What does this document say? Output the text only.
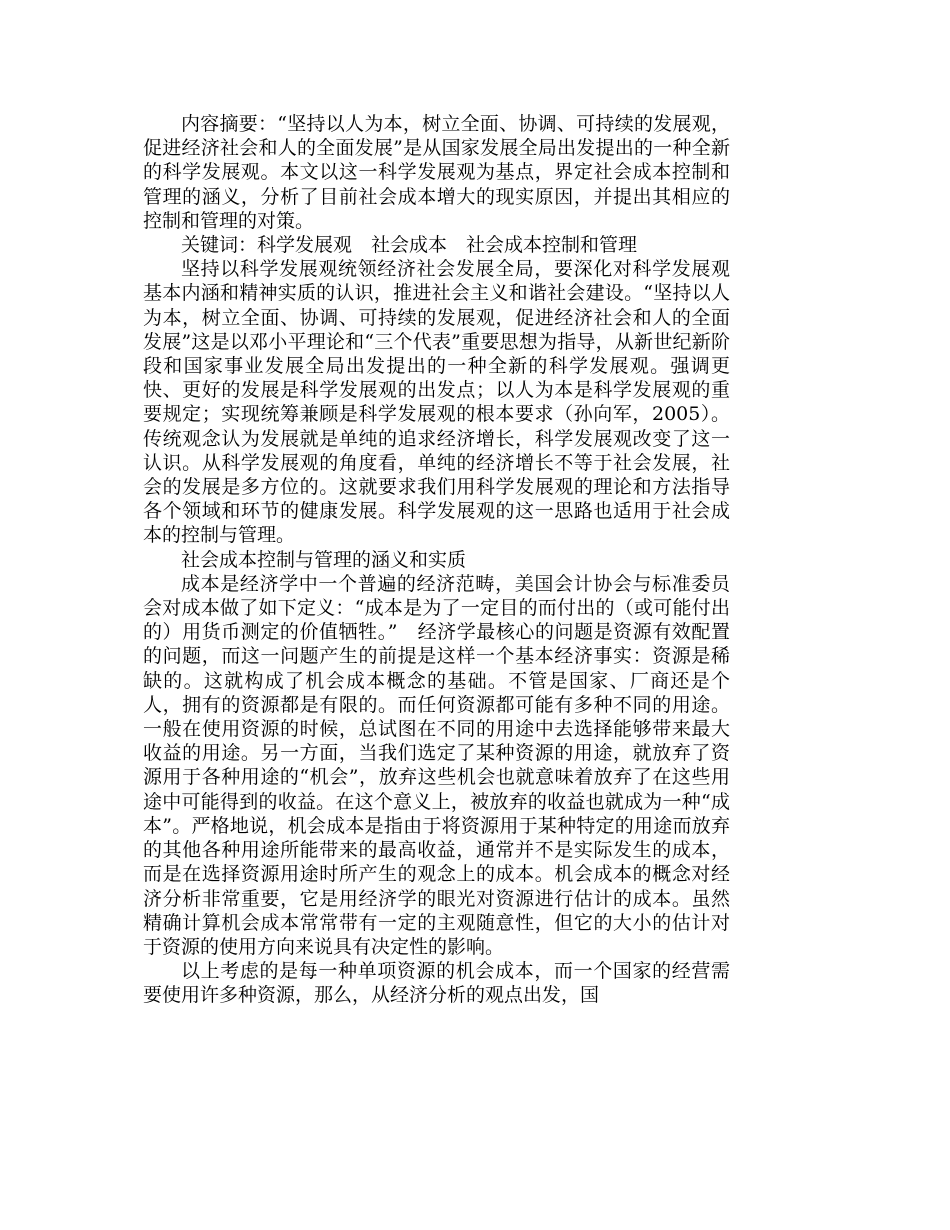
内容摘要：“坚持以人为本，树立全面、协调、可持续的发展观，促进经济社会和人的全面发展”是从国家发展全局出发提出的一种全新的科学发展观。本文以这一科学发展观为基点，界定社会成本控制和管理的涵义，分析了目前社会成本增大的现实原因，并提出其相应的控制和管理的对策。

关键词：科学发展观　社会成本　社会成本控制和管理

坚持以科学发展观统领经济社会发展全局，要深化对科学发展观基本内涵和精神实质的认识，推进社会主义和谐社会建设。“坚持以人为本，树立全面、协调、可持续的发展观，促进经济社会和人的全面发展”这是以邓小平理论和“三个代表”重要思想为指导，从新世纪新阶段和国家事业发展全局出发提出的一种全新的科学发展观。强调更快、更好的发展是科学发展观的出发点；以人为本是科学发展观的重要规定；实现统筹兼顾是科学发展观的根本要求（孙向军，2005）。传统观念认为发展就是单纯的追求经济增长，科学发展观改变了这一认识。从科学发展观的角度看，单纯的经济增长不等于社会发展，社会的发展是多方位的。这就要求我们用科学发展观的理论和方法指导各个领域和环节的健康发展。科学发展观的这一思路也适用于社会成本的控制与管理。

社会成本控制与管理的涵义和实质

成本是经济学中一个普遍的经济范畴，美国会计协会与标准委员会对成本做了如下定义：“成本是为了一定目的而付出的（或可能付出的）用货币测定的价值牺牲。”　经济学最核心的问题是资源有效配置的问题，而这一问题产生的前提是这样一个基本经济事实：资源是稀缺的。这就构成了机会成本概念的基础。不管是国家、厂商还是个人，拥有的资源都是有限的。而任何资源都可能有多种不同的用途。一般在使用资源的时候，总试图在不同的用途中去选择能够带来最大收益的用途。另一方面，当我们选定了某种资源的用途，就放弃了资源用于各种用途的“机会”，放弃这些机会也就意味着放弃了在这些用途中可能得到的收益。在这个意义上，被放弃的收益也就成为一种“成本”。严格地说，机会成本是指由于将资源用于某种特定的用途而放弃的其他各种用途所能带来的最高收益，通常并不是实际发生的成本，而是在选择资源用途时所产生的观念上的成本。机会成本的概念对经济分析非常重要，它是用经济学的眼光对资源进行估计的成本。虽然精确计算机会成本常常带有一定的主观随意性，但它的大小的估计对于资源的使用方向来说具有决定性的影响。

以上考虑的是每一种单项资源的机会成本，而一个国家的经营需要使用许多种资源，那么，从经济分析的观点出发，国
